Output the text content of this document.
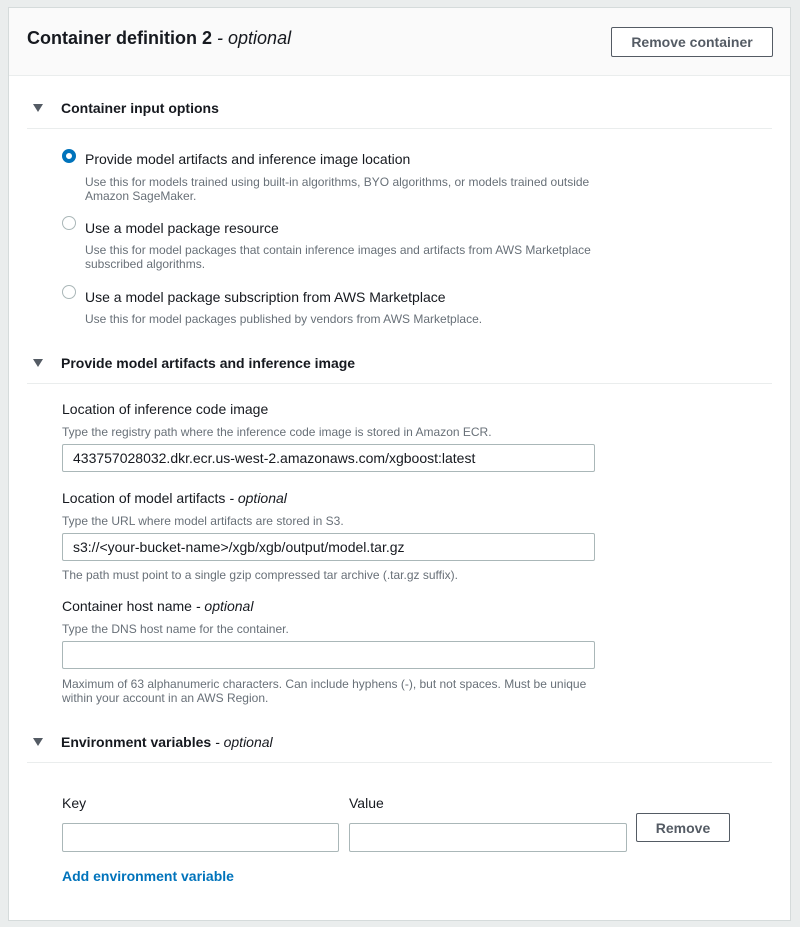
Container definition 2 - optional	Remove container
Container input options
Provide model artifacts and inference image location
Use this for models trained using built-in algorithms, BYO algorithms, or models trained outside Amazon SageMaker.
Use a model package resource
Use this for model packages that contain inference images and artifacts from AWS Marketplace subscribed algorithms.
Use a model package subscription from AWS Marketplace
Use this for model packages published by vendors from AWS Marketplace.
Provide model artifacts and inference image
Location of inference code image
Type the registry path where the inference code image is stored in Amazon ECR.
433757028032.dkr.ecr.us-west-2.amazonaws.com/xgboost:latest
Location of model artifacts - optional
Type the URL where model artifacts are stored in S3.
s3://<your-bucket-name>/xgb/xgb/output/model.tar.gz
The path must point to a single gzip compressed tar archive (.tar.gz suffix).
Container host name - optional
Type the DNS host name for the container.
Maximum of 63 alphanumeric characters. Can include hyphens (-), but not spaces. Must be unique within your account in an AWS Region.
Environment variables - optional
Key	Value
Remove
Add environment variable
